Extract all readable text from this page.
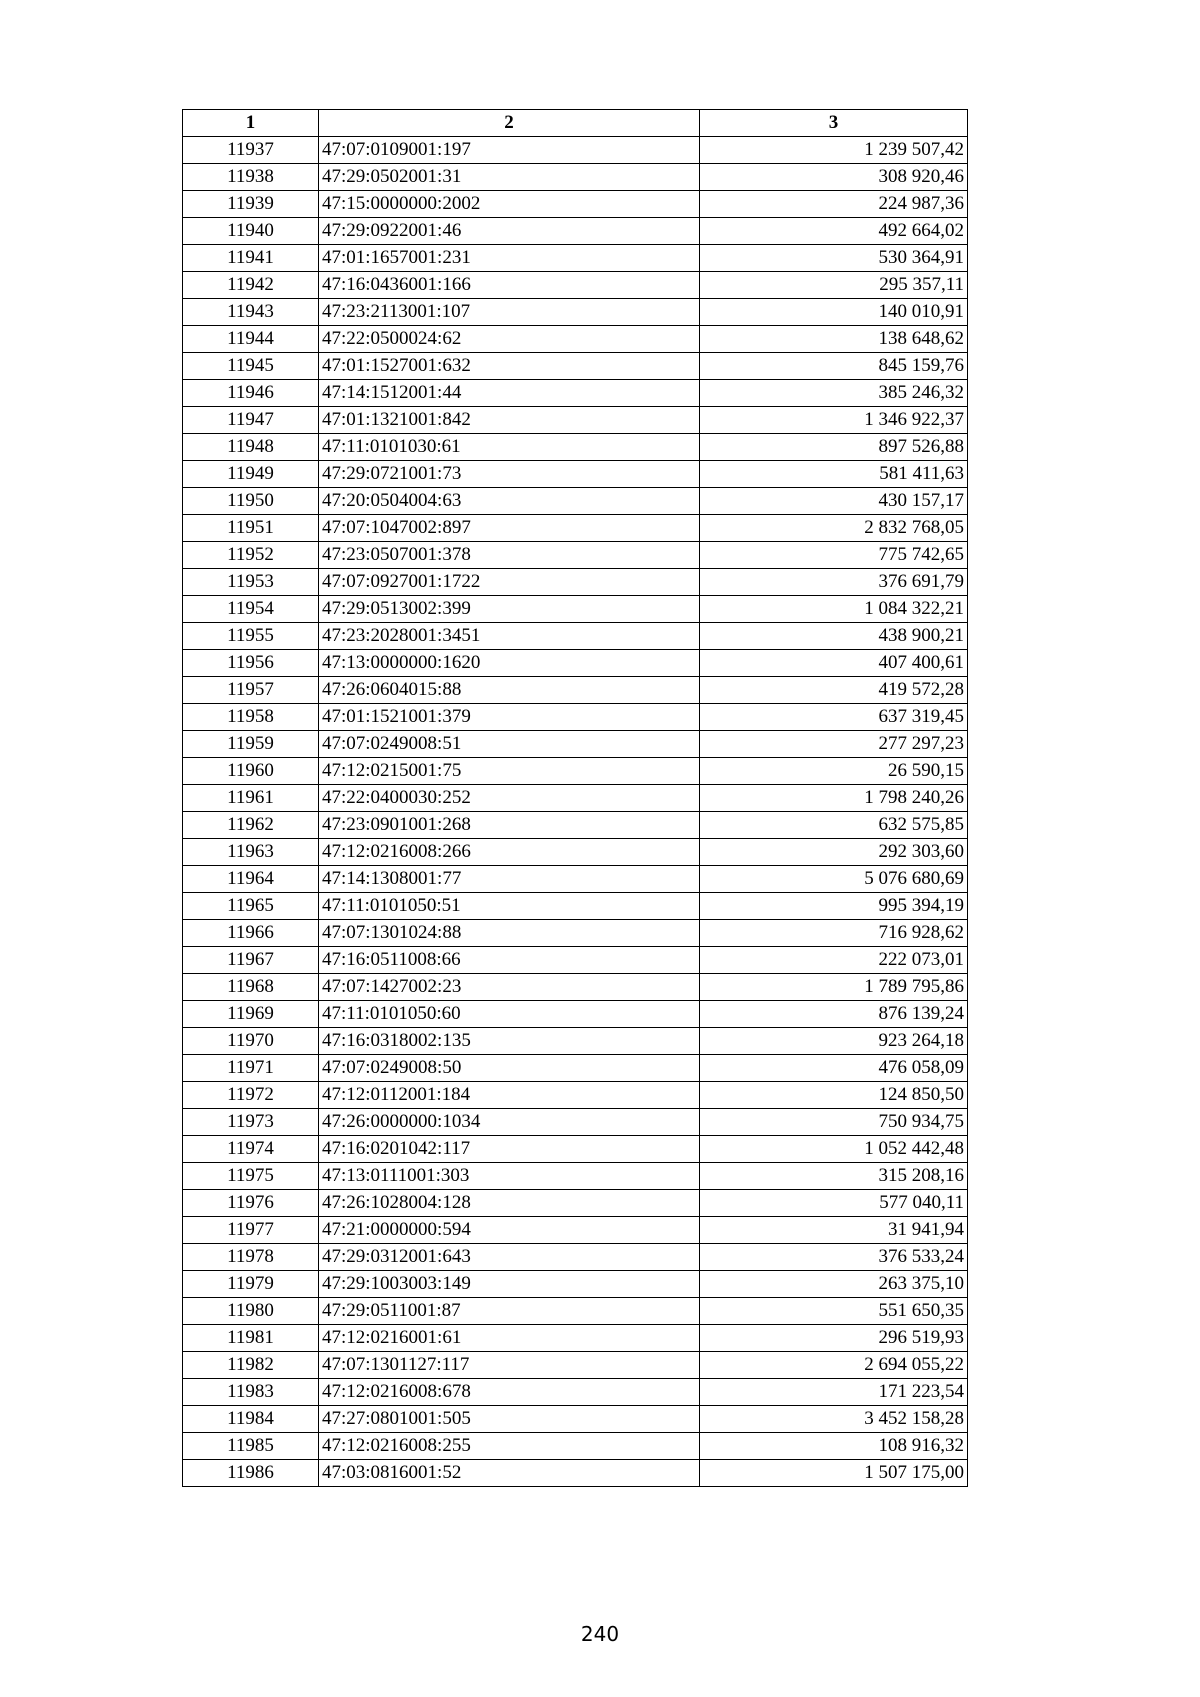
1	2	3
11937	47:07:0109001:197	1 239 507,42
11938	47:29:0502001:31	308 920,46
11939	47:15:0000000:2002	224 987,36
11940	47:29:0922001:46	492 664,02
11941	47:01:1657001:231	530 364,91
11942	47:16:0436001:166	295 357,11
11943	47:23:2113001:107	140 010,91
11944	47:22:0500024:62	138 648,62
11945	47:01:1527001:632	845 159,76
11946	47:14:1512001:44	385 246,32
11947	47:01:1321001:842	1 346 922,37
11948	47:11:0101030:61	897 526,88
11949	47:29:0721001:73	581 411,63
11950	47:20:0504004:63	430 157,17
11951	47:07:1047002:897	2 832 768,05
11952	47:23:0507001:378	775 742,65
11953	47:07:0927001:1722	376 691,79
11954	47:29:0513002:399	1 084 322,21
11955	47:23:2028001:3451	438 900,21
11956	47:13:0000000:1620	407 400,61
11957	47:26:0604015:88	419 572,28
11958	47:01:1521001:379	637 319,45
11959	47:07:0249008:51	277 297,23
11960	47:12:0215001:75	26 590,15
11961	47:22:0400030:252	1 798 240,26
11962	47:23:0901001:268	632 575,85
11963	47:12:0216008:266	292 303,60
11964	47:14:1308001:77	5 076 680,69
11965	47:11:0101050:51	995 394,19
11966	47:07:1301024:88	716 928,62
11967	47:16:0511008:66	222 073,01
11968	47:07:1427002:23	1 789 795,86
11969	47:11:0101050:60	876 139,24
11970	47:16:0318002:135	923 264,18
11971	47:07:0249008:50	476 058,09
11972	47:12:0112001:184	124 850,50
11973	47:26:0000000:1034	750 934,75
11974	47:16:0201042:117	1 052 442,48
11975	47:13:0111001:303	315 208,16
11976	47:26:1028004:128	577 040,11
11977	47:21:0000000:594	31 941,94
11978	47:29:0312001:643	376 533,24
11979	47:29:1003003:149	263 375,10
11980	47:29:0511001:87	551 650,35
11981	47:12:0216001:61	296 519,93
11982	47:07:1301127:117	2 694 055,22
11983	47:12:0216008:678	171 223,54
11984	47:27:0801001:505	3 452 158,28
11985	47:12:0216008:255	108 916,32
11986	47:03:0816001:52	1 507 175,00
240
